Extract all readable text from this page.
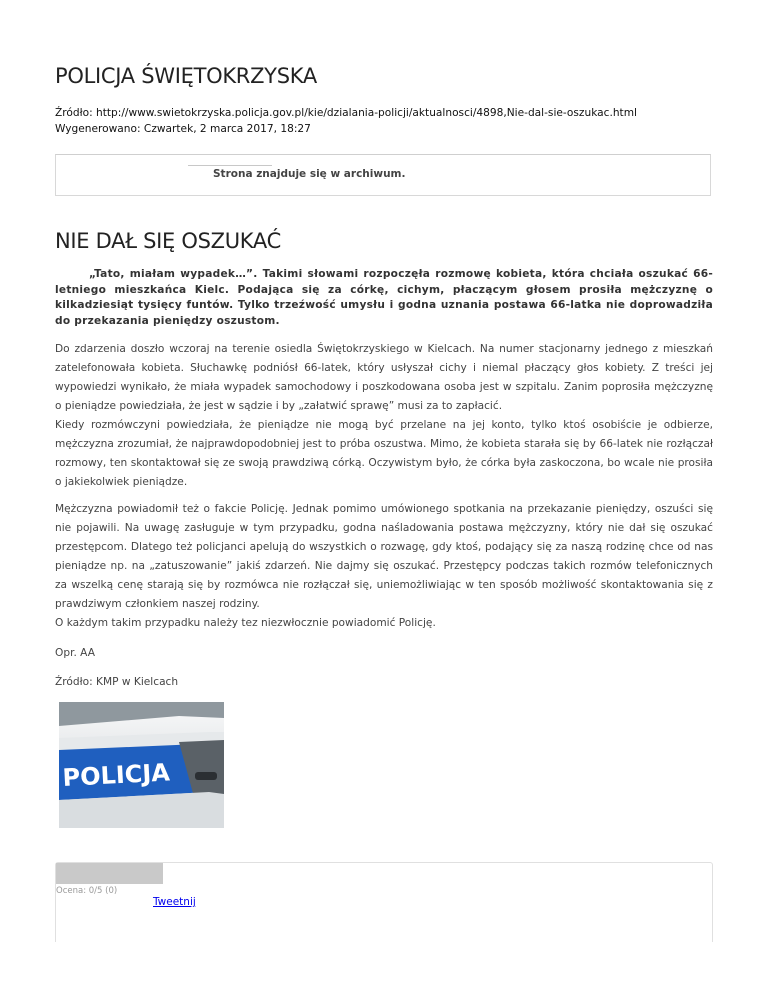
POLICJA ŚWIĘTOKRZYSKA
Źródło: http://www.swietokrzyska.policja.gov.pl/kie/dzialania-policji/aktualnosci/4898,Nie-dal-sie-oszukac.html
Wygenerowano: Czwartek, 2 marca 2017, 18:27
Strona znajduje się w archiwum.
NIE DAŁ SIĘ OSZUKAĆ
„Tato, miałam wypadek…”. Takimi słowami rozpoczęła rozmowę kobieta, która chciała oszukać 66-letniego mieszkańca Kielc. Podająca się za córkę, cichym, płaczącym głosem prosiła mężczyznę o kilkadziesiąt tysięcy funtów. Tylko trzeźwość umysłu i godna uznania postawa 66-latka nie doprowadziła do przekazania pieniędzy oszustom.

Do zdarzenia doszło wczoraj na terenie osiedla Świętokrzyskiego w Kielcach. Na numer stacjonarny jednego z mieszkań zatelefonowała kobieta. Słuchawkę podniósł 66-latek, który usłyszał cichy i niemal płaczący głos kobiety. Z treści jej wypowiedzi wynikało, że miała wypadek samochodowy i poszkodowana osoba jest w szpitalu. Zanim poprosiła mężczyznę o pieniądze powiedziała, że jest w sądzie i by „załatwić sprawę” musi za to zapłacić.

Kiedy rozmówczyni powiedziała, że pieniądze nie mogą być przelane na jej konto, tylko ktoś osobiście je odbierze, mężczyzna zrozumiał, że najprawdopodobniej jest to próba oszustwa. Mimo, że kobieta starała się by 66-latek nie rozłączał rozmowy, ten skontaktował się ze swoją prawdziwą córką. Oczywistym było, że córka była zaskoczona, bo wcale nie prosiła o jakiekolwiek pieniądze.

Mężczyzna powiadomił też o fakcie Policję. Jednak pomimo umówionego spotkania na przekazanie pieniędzy, oszuści się nie pojawili. Na uwagę zasługuje w tym przypadku, godna naśladowania postawa mężczyzny, który nie dał się oszukać przestępcom. Dlatego też policjanci apelują do wszystkich o rozwagę, gdy ktoś, podający się za naszą rodzinę chce od nas pieniądze np. na „zatuszowanie” jakiś zdarzeń. Nie dajmy się oszukać. Przestępcy podczas takich rozmów telefonicznych za wszelką cenę starają się by rozmówca nie rozłączał się, uniemożliwiając w ten sposób możliwość skontaktowania się z prawdziwym członkiem naszej rodziny.

O każdym takim przypadku należy tez niezwłocznie powiadomić Policję.

Opr. AA

Źródło: KMP w Kielcach

POLICJA
Ocena: 0/5 (0)
Tweetnij
